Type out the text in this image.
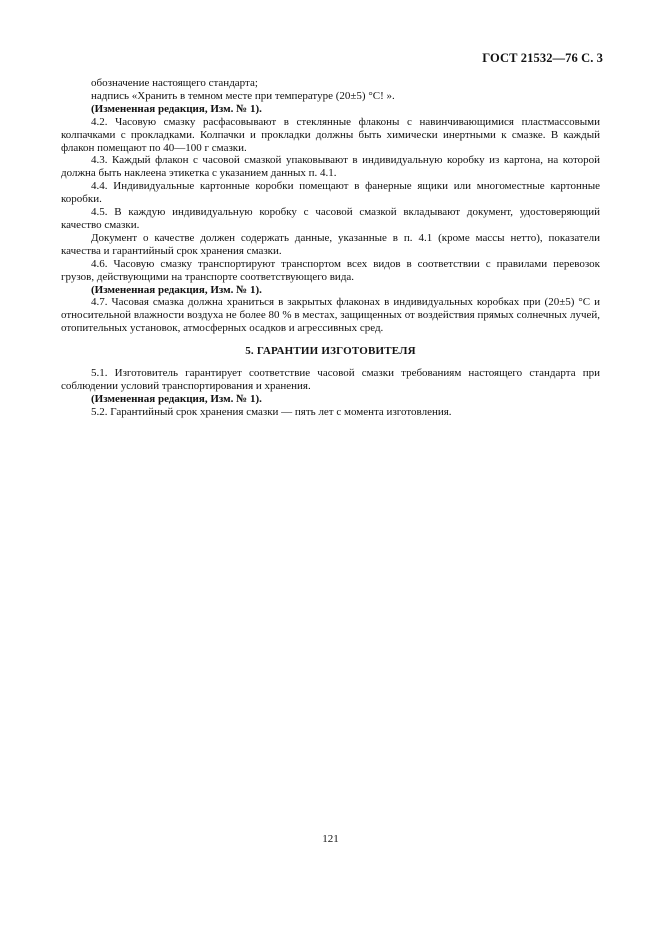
ГОСТ 21532—76 С. 3

обозначение настоящего стандарта;

надпись «Хранить в темном месте при температуре (20±5) °С! ».

(Измененная редакция, Изм. № 1).

4.2. Часовую смазку расфасовывают в стеклянные флаконы с навинчивающимися пластмассовыми колпачками с прокладками. Колпачки и прокладки должны быть химически инертными к смазке. В каждый флакон помещают по 40—100 г смазки.

4.3. Каждый флакон с часовой смазкой упаковывают в индивидуальную коробку из картона, на которой должна быть наклеена этикетка с указанием данных п. 4.1.

4.4. Индивидуальные картонные коробки помещают в фанерные ящики или многоместные картонные коробки.

4.5. В каждую индивидуальную коробку с часовой смазкой вкладывают документ, удостоверяющий качество смазки.

Документ о качестве должен содержать данные, указанные в п. 4.1 (кроме массы нетто), показатели качества и гарантийный срок хранения смазки.

4.6. Часовую смазку транспортируют транспортом всех видов в соответствии с правилами перевозок грузов, действующими на транспорте соответствующего вида.

(Измененная редакция, Изм. № 1).

4.7. Часовая смазка должна храниться в закрытых флаконах в индивидуальных коробках при (20±5) °С и относительной влажности воздуха не более 80 % в местах, защищенных от воздействия прямых солнечных лучей, отопительных установок, атмосферных осадков и агрессивных сред.

5. ГАРАНТИИ ИЗГОТОВИТЕЛЯ

5.1. Изготовитель гарантирует соответствие часовой смазки требованиям настоящего стандарта при соблюдении условий транспортирования и хранения.

(Измененная редакция, Изм. № 1).

5.2. Гарантийный срок хранения смазки — пять лет с момента изготовления.

121
